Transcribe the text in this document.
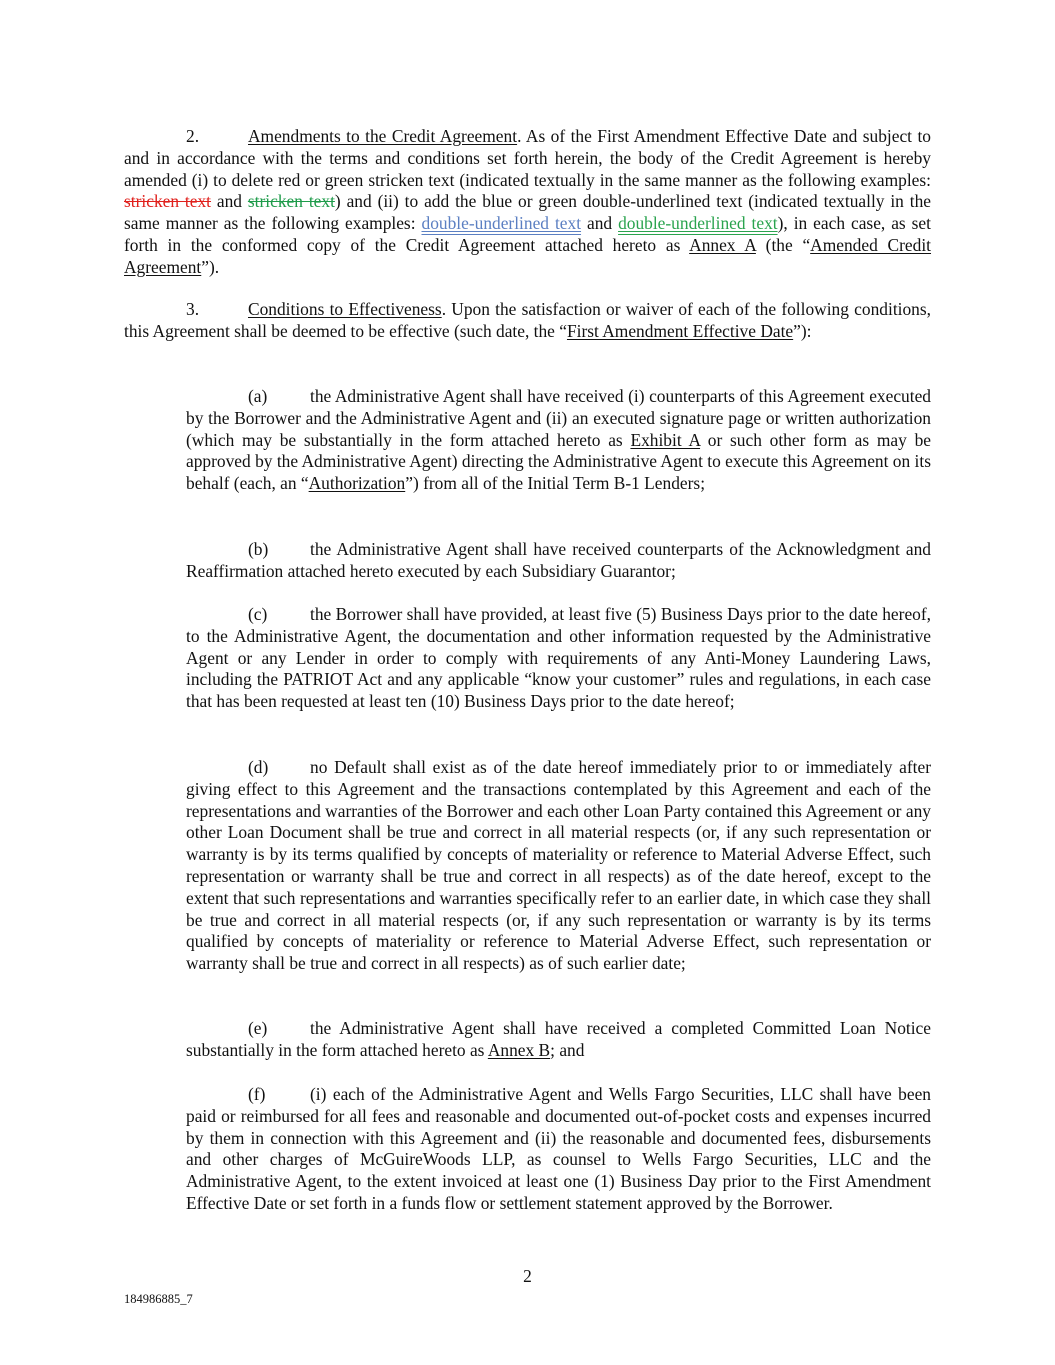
2.	Amendments to the Credit Agreement. As of the First Amendment Effective Date and subject to and in accordance with the terms and conditions set forth herein, the body of the Credit Agreement is hereby amended (i) to delete red or green stricken text (indicated textually in the same manner as the following examples: stricken text and stricken text) and (ii) to add the blue or green double-underlined text (indicated textually in the same manner as the following examples: double-underlined text and double-underlined text), in each case, as set forth in the conformed copy of the Credit Agreement attached hereto as Annex A (the “Amended Credit Agreement”).

3.	Conditions to Effectiveness. Upon the satisfaction or waiver of each of the following conditions, this Agreement shall be deemed to be effective (such date, the “First Amendment Effective Date”):

(a) the Administrative Agent shall have received (i) counterparts of this Agreement executed by the Borrower and the Administrative Agent and (ii) an executed signature page or written authorization (which may be substantially in the form attached hereto as Exhibit A or such other form as may be approved by the Administrative Agent) directing the Administrative Agent to execute this Agreement on its behalf (each, an “Authorization”) from all of the Initial Term B-1 Lenders;

(b) the Administrative Agent shall have received counterparts of the Acknowledgment and Reaffirmation attached hereto executed by each Subsidiary Guarantor;

(c) the Borrower shall have provided, at least five (5) Business Days prior to the date hereof, to the Administrative Agent, the documentation and other information requested by the Administrative Agent or any Lender in order to comply with requirements of any Anti-Money Laundering Laws, including the PATRIOT Act and any applicable “know your customer” rules and regulations, in each case that has been requested at least ten (10) Business Days prior to the date hereof;

(d) no Default shall exist as of the date hereof immediately prior to or immediately after giving effect to this Agreement and the transactions contemplated by this Agreement and each of the representations and warranties of the Borrower and each other Loan Party contained this Agreement or any other Loan Document shall be true and correct in all material respects (or, if any such representation or warranty is by its terms qualified by concepts of materiality or reference to Material Adverse Effect, such representation or warranty shall be true and correct in all respects) as of the date hereof, except to the extent that such representations and warranties specifically refer to an earlier date, in which case they shall be true and correct in all material respects (or, if any such representation or warranty is by its terms qualified by concepts of materiality or reference to Material Adverse Effect, such representation or warranty shall be true and correct in all respects) as of such earlier date;

(e) the Administrative Agent shall have received a completed Committed Loan Notice substantially in the form attached hereto as Annex B; and

(f)	(i) each of the Administrative Agent and Wells Fargo Securities, LLC shall have been paid or reimbursed for all fees and reasonable and documented out-of-pocket costs and expenses incurred by them in connection with this Agreement and (ii) the reasonable and documented fees, disbursements and other charges of McGuireWoods LLP, as counsel to Wells Fargo Securities, LLC and the Administrative Agent, to the extent invoiced at least one (1) Business Day prior to the First Amendment Effective Date or set forth in a funds flow or settlement statement approved by the Borrower.

2
184986885_7
